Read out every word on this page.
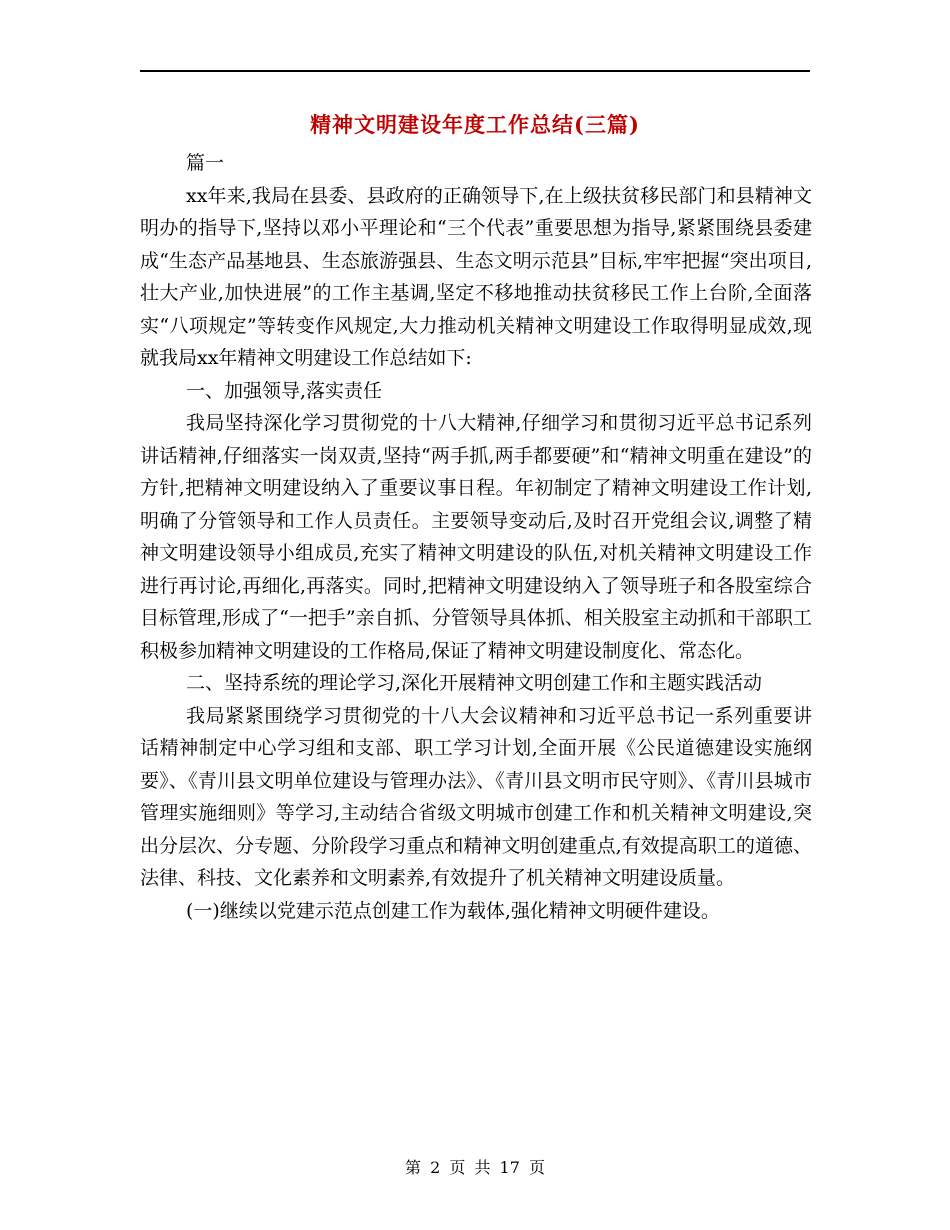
精神文明建设年度工作总结(三篇)

篇一

xx年来,我局在县委、县政府的正确领导下,在上级扶贫移民部门和县精神文明办的指导下,坚持以邓小平理论和“三个代表”重要思想为指导,紧紧围绕县委建成“生态产品基地县、生态旅游强县、生态文明示范县”目标,牢牢把握“突出项目,壮大产业,加快进展”的工作主基调,坚定不移地推动扶贫移民工作上台阶,全面落实“八项规定”等转变作风规定,大力推动机关精神文明建设工作取得明显成效,现就我局xx年精神文明建设工作总结如下:

一、加强领导,落实责任

我局坚持深化学习贯彻党的十八大精神,仔细学习和贯彻习近平总书记系列讲话精神,仔细落实一岗双责,坚持“两手抓,两手都要硬”和“精神文明重在建设”的方针,把精神文明建设纳入了重要议事日程。年初制定了精神文明建设工作计划,明确了分管领导和工作人员责任。主要领导变动后,及时召开党组会议,调整了精神文明建设领导小组成员,充实了精神文明建设的队伍,对机关精神文明建设工作进行再讨论,再细化,再落实。同时,把精神文明建设纳入了领导班子和各股室综合目标管理,形成了“一把手”亲自抓、分管领导具体抓、相关股室主动抓和干部职工积极参加精神文明建设的工作格局,保证了精神文明建设制度化、常态化。

二、坚持系统的理论学习,深化开展精神文明创建工作和主题实践活动

我局紧紧围绕学习贯彻党的十八大会议精神和习近平总书记一系列重要讲话精神制定中心学习组和支部、职工学习计划,全面开展《公民道德建设实施纲要》、《青川县文明单位建设与管理办法》、《青川县文明市民守则》、《青川县城市管理实施细则》等学习,主动结合省级文明城市创建工作和机关精神文明建设,突出分层次、分专题、分阶段学习重点和精神文明创建重点,有效提高职工的道德、法律、科技、文化素养和文明素养,有效提升了机关精神文明建设质量。

(一)继续以党建示范点创建工作为载体,强化精神文明硬件建设。

第 2 页 共 17 页
